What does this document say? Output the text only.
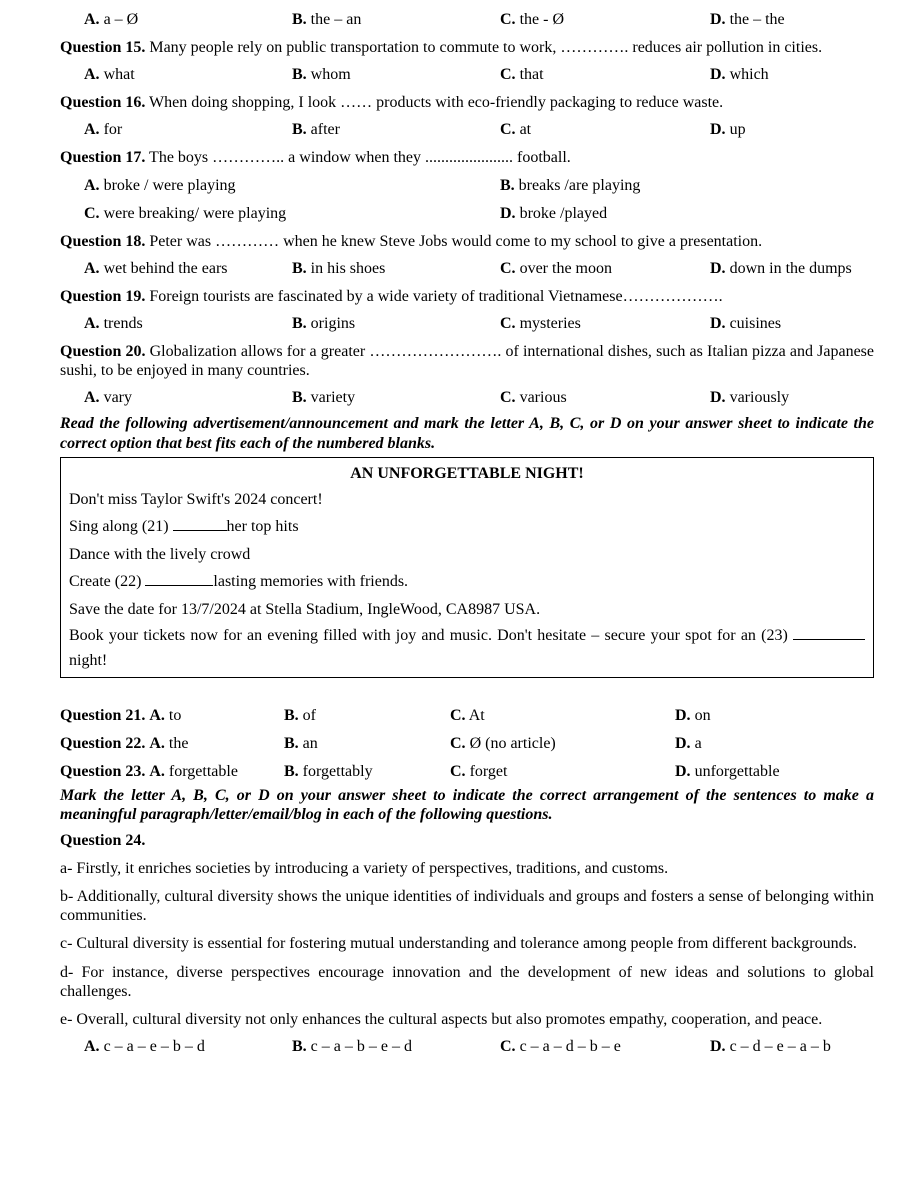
A. a – Ø	B. the – an	C. the - Ø	D. the – the
Question 15. Many people rely on public transportation to commute to work, …………. reduces air pollution in cities.
A. what	B. whom	C. that	D. which
Question 16. When doing shopping, I look …… products with eco-friendly packaging to reduce waste.
A. for	B. after	C. at	D. up
Question 17. The boys ………….. a window when they ...................... football.
A. broke / were playing	B. breaks /are playing
C. were breaking/ were playing	D. broke /played
Question 18. Peter was ………… when he knew Steve Jobs would come to my school to give a presentation.
A. wet behind the ears	B. in his shoes	C. over the moon	D. down in the dumps
Question 19. Foreign tourists are fascinated by a wide variety of traditional Vietnamese……………….
A. trends	B. origins	C. mysteries	D. cuisines
Question 20. Globalization allows for a greater ……………………. of international dishes, such as Italian pizza and Japanese sushi, to be enjoyed in many countries.
A. vary	B. variety	C. various	D. variously
Read the following advertisement/announcement and mark the letter A, B, C, or D on your answer sheet to indicate the correct option that best fits each of the numbered blanks.
AN UNFORGETTABLE NIGHT!
Don't miss Taylor Swift's 2024 concert!
Sing along (21)	her top hits
Dance with the lively crowd
Create (22)	lasting memories with friends.
Save the date for 13/7/2024 at Stella Stadium, IngleWood, CA8987 USA.
Book your tickets now for an evening filled with joy and music. Don't hesitate – secure your spot for an (23)  night!
Question 21. A. to	B. of	C. At	D. on
Question 22. A. the	B. an	C. Ø (no article)	D. a
Question 23. A. forgettable	B. forgettably	C. forget	D. unforgettable
Mark the letter A, B, C, or D on your answer sheet to indicate the correct arrangement of the sentences to make a meaningful paragraph/letter/email/blog in each of the following questions.
Question 24.

a- Firstly, it enriches societies by introducing a variety of perspectives, traditions, and customs.

b- Additionally, cultural diversity shows the unique identities of individuals and groups and fosters a sense of belonging within communities.

c- Cultural diversity is essential for fostering mutual understanding and tolerance among people from different backgrounds.

d- For instance, diverse perspectives encourage innovation and the development of new ideas and solutions to global challenges.

e- Overall, cultural diversity not only enhances the cultural aspects but also promotes empathy, cooperation, and peace.

A. c – a – e – b – d	B. c – a – b – e – d	C. c – a – d – b – e	D. c – d – e – a – b
